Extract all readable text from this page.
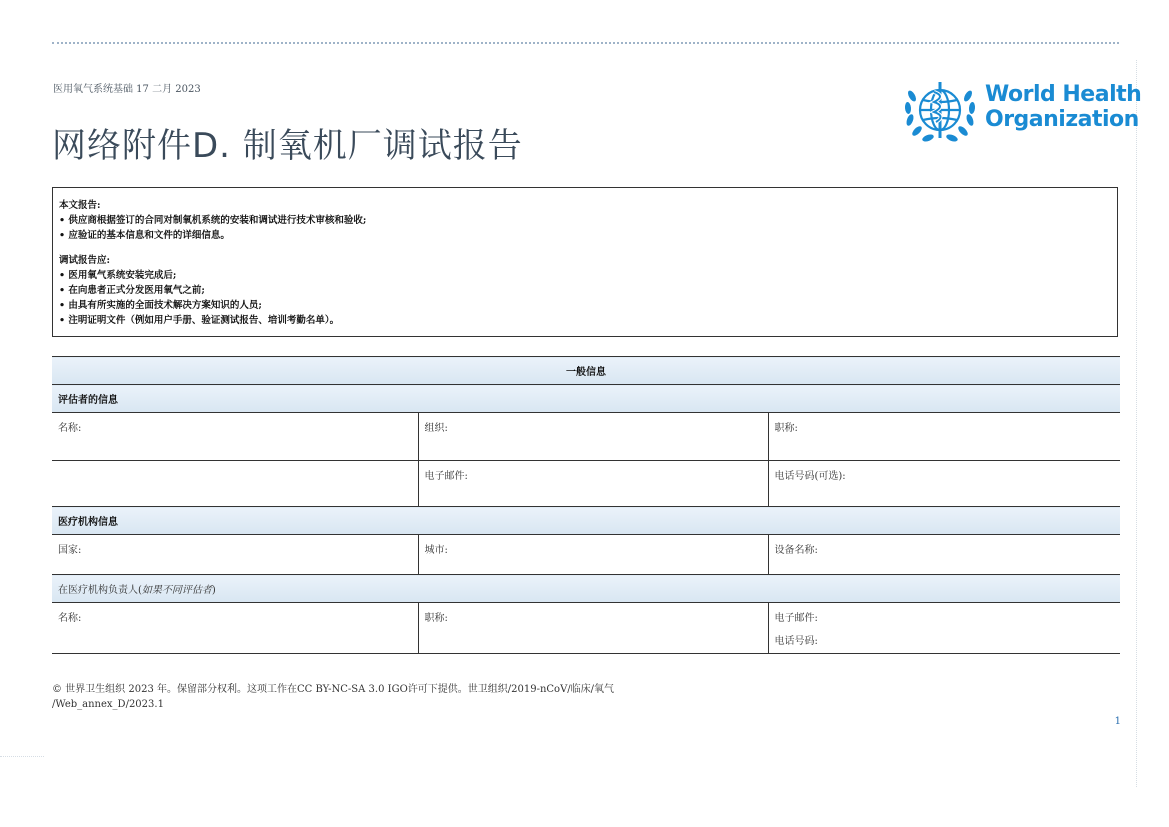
医用氧气系统基础 17 二月 2023
网络附件D. 制氧机厂调试报告
World Health
Organization

本文报告:

• 供应商根据签订的合同对制氧机系统的安装和调试进行技术审核和验收;
• 应验证的基本信息和文件的详细信息。

调试报告应:

• 医用氧气系统安装完成后;
• 在向患者正式分发医用氧气之前;
• 由具有所实施的全面技术解决方案知识的人员;
• 注明证明文件（例如用户手册、验证测试报告、培训考勤名单）。
一般信息		
评估者的信息		
名称:	组织:	职称:
	电子邮件:	电话号码(可选):
医疗机构信息		
国家:	城市:	设备名称:
在医疗机构负责人(如果不同评估者)		
名称:	职称:	电子邮件:
电话号码:
© 世界卫生组织 2023 年。保留部分权利。这项工作在CC BY-NC-SA 3.0 IGO许可下提供。世卫组织/2019-nCoV/临床/氧气
/Web_annex_D/2023.1
1
